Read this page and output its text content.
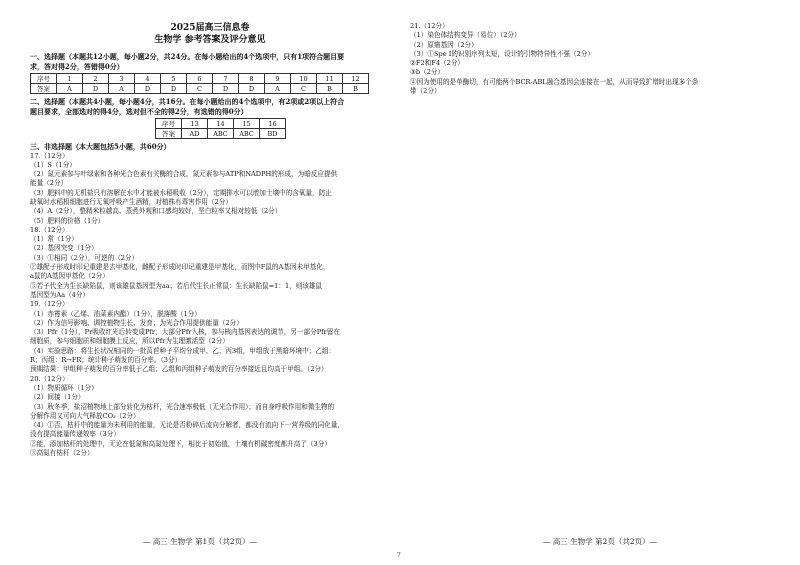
2025届高三信息卷
生物学 参考答案及评分意见
一、选择题（本题共12小题，每小题2分，共24分。在每小题给出的4个选项中，只有1项符合题目要
求，答对得2分，答错得0分）
序号	1	2	3	4	5	6	7	8	9	10	11	12
答案	A	D	A	D	D	C	D	D	A	C	B	B
二、选择题（本题共4小题，每小题4分，共16分。在每小题给出的4个选项中，有2项或2项以上符合
题目要求，全部选对的得4分，选对但不全的得2分，有选错的得0分）
序号	13	14	15	16
答案	AD	ABC	ABC	BD
三、非选择题（本大题包括5小题，共60分）
17.（12分）
（1）S（1分）
（2）氮元素参与叶绿素和各种光合色素有关酶的合成，氮元素参与ATP和NADPH的形成，为暗反应提供
能量（2分）
（3）肥料中的无机盐只有溶解在水中才能被水稻吸收（2分），定期排水可以增加土壤中的含氧量，防止
缺氧时水稻根细胞进行无氧呼吸产生酒精，对植株有毒害作用（2分）
（4）A（2分），整精米粒越高、蒸煮外观和口感均较好，垩白粒率又相对较低（2分）
（5）肥料的价格（1分）
18.（12分）
（1）常（1分）
（2）基因突变（1分）
（3）①相同（2分），可逆的（2分）
②雄配子形成时印记重建是去甲基化，雌配子形成时印记重建是甲基化，而图中F鼠的A基因未甲基化，
a鼠的A基因甲基化（2分）
③若子代全为生长缺陷鼠，则该雄鼠基因型为aa；若后代生长正常鼠：生长缺陷鼠=1：1，则该雄鼠
基因型为Aa（4分）
19.（12分）
（1）赤霉素（乙烯、油菜素内酯）（1分），脱落酸（1分）
（2）作为信号影响、调控植物生长、发育；为光合作用提供能量（2分）
（3）Pfr（1分），Pr吸收红光后转变成Pfr，大部分Pfr入核，参与核内基因表达的调节，另一部分Pfr留在
细胞质，参与细胞质和细胞膜上反应，所以Pfr为生理激活型（2分）
（4）实验思路：将生长状况相同的一批莴苣种子平均分成甲、乙、丙3组，甲组放于黑暗环境中；乙组：
R；丙组：R→FR；统计种子萌发的百分率。（3分）
预期结果：甲组种子萌发的百分率低于乙组；乙组和丙组种子萌发的百分率接近且均高于甲组。（2分）
20.（12分）
（1）物质循环（1分）
（2）间接（1分）
（3）秋冬季，盐沼植物地上部分转化为枯秆，光合速率极低（无光合作用）；而自身呼吸作用和微生物的
分解作用又可向大气释放CO₂（2分）
（4）①否，枯秆中的能量为未利用的能量，无论是否粉碎后流向分解者，都没有流向下一营养级的同化量，
没有提高能量传递效率（3分）
②能，添加枯秆的处理中，无论在低氮和高氮处理下，相比于初始值，土壤有机碳密度都升高了（3分）
③高氮有枯秆（2分）
— 高三 生物学 第1页（共2页）—
21.（12分）
（1）染色体结构变异（易位）（2分）
（2）原癌基因（2分）
（3）①Spe I的识别序列太短，设计的引物特异性不强（2分）
②F2和F4（2分）
③b（2分）
④因为使用的是单酶切，有可能两个BCR-ABL融合基因会连接在一起，从而导致扩增时出现多个条
带（2分）
— 高三 生物学 第2页（共2页）—
7
